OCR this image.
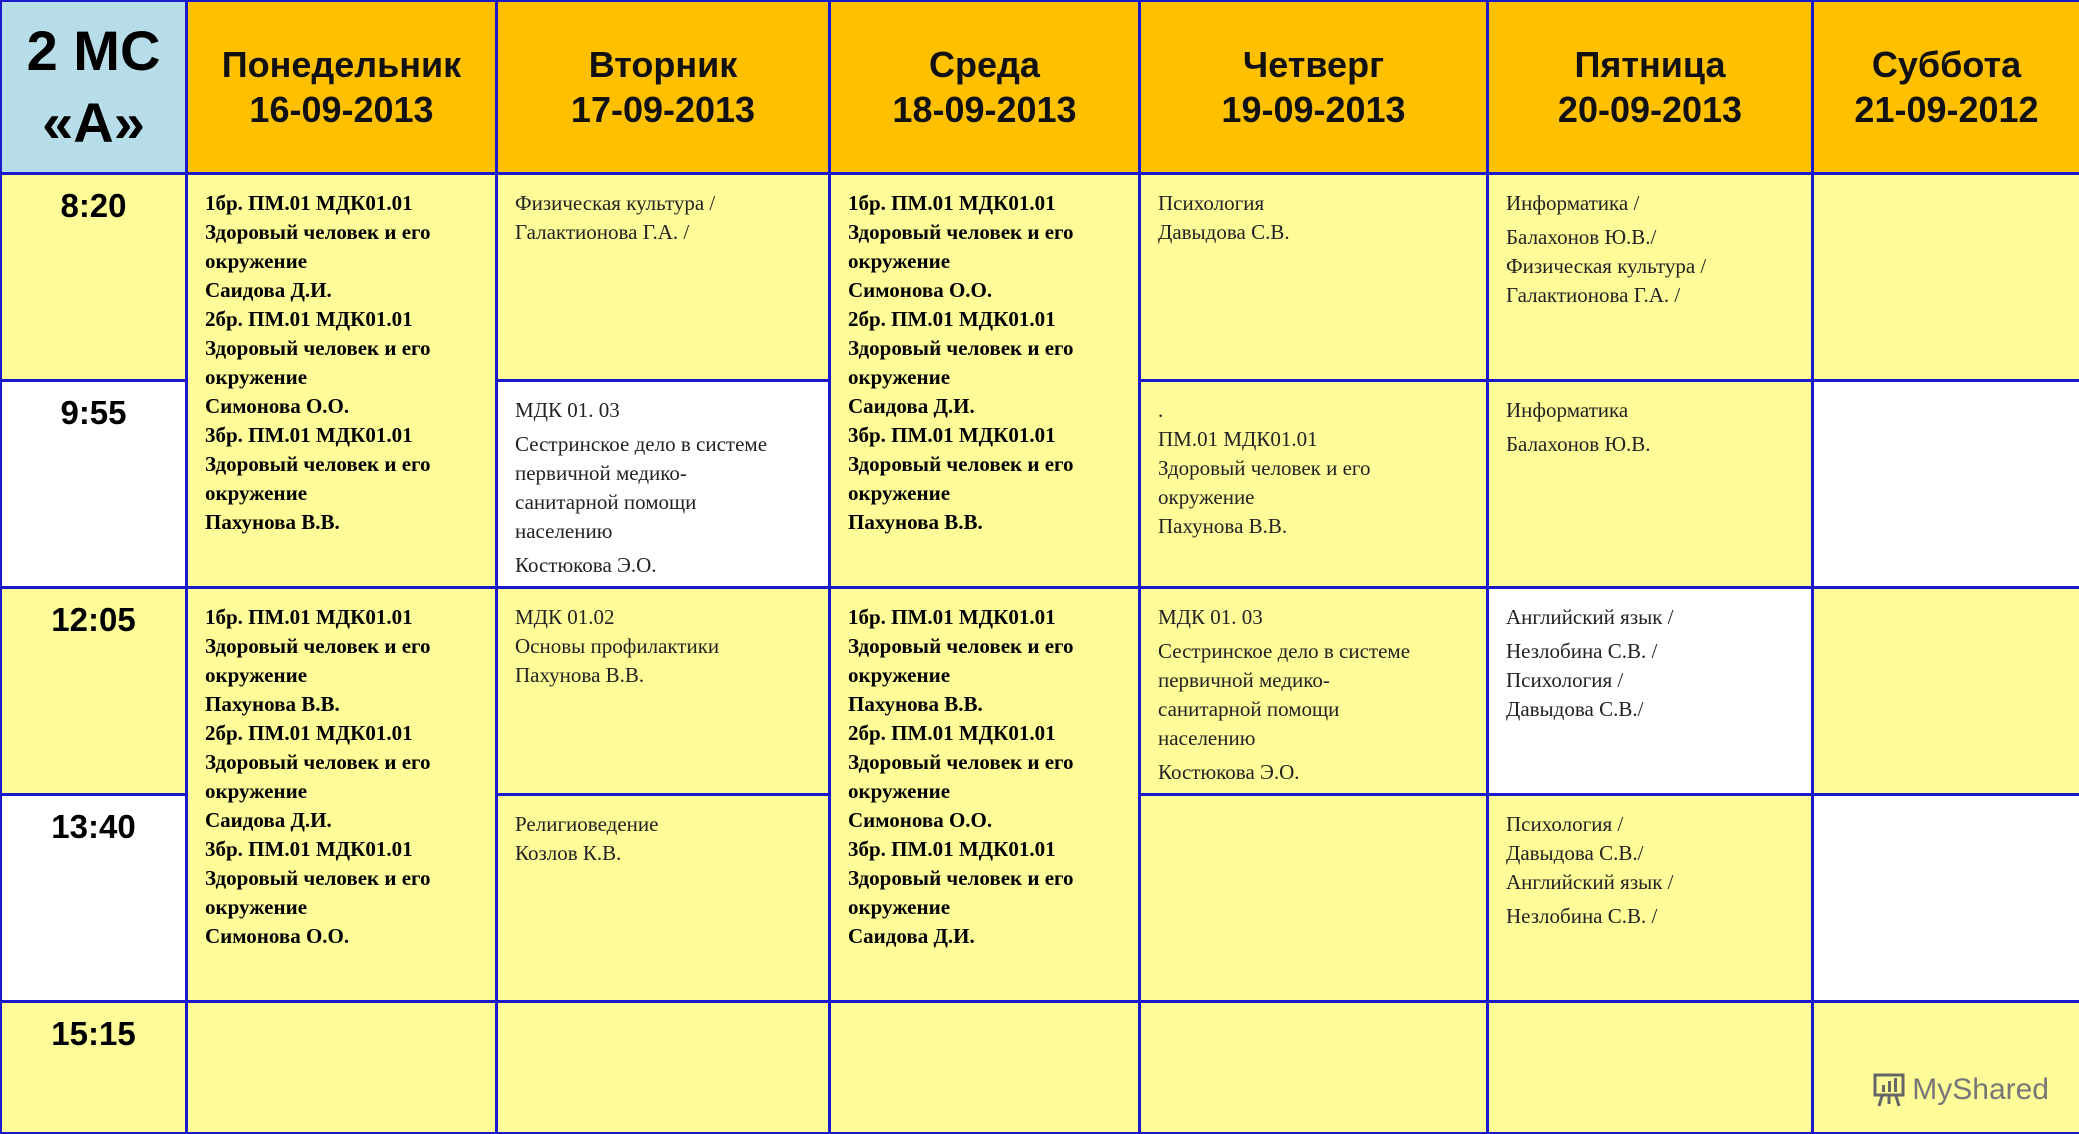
2 МС
«А»
Понедельник
16-09-2013
Вторник
17-09-2013
Среда
18-09-2013
Четверг
19-09-2013
Пятница
20-09-2013
Суббота
21-09-2012
8:20
9:55
12:05
13:40
15:15
1бр. ПМ.01 МДК01.01
Здоровый человек и его
окружение
Саидова Д.И.
2бр. ПМ.01 МДК01.01
Здоровый человек и его
окружение
Симонова О.О.
3бр. ПМ.01 МДК01.01
Здоровый человек и его
окружение
Пахунова В.В.
1бр. ПМ.01 МДК01.01
Здоровый человек и его
окружение
Пахунова В.В.
2бр. ПМ.01 МДК01.01
Здоровый человек и его
окружение
Саидова Д.И.
3бр. ПМ.01 МДК01.01
Здоровый человек и его
окружение
Симонова О.О.
Физическая культура /
Галактионова Г.А. /
МДК 01. 03
Сестринское дело в системе
первичной медико-
санитарной помощи
населению
Костюкова Э.О.
МДК 01.02
Основы профилактики
Пахунова В.В.
Религиоведение
Козлов К.В.
1бр. ПМ.01 МДК01.01
Здоровый человек и его
окружение
Симонова О.О.
2бр. ПМ.01 МДК01.01
Здоровый человек и его
окружение
Саидова Д.И.
3бр. ПМ.01 МДК01.01
Здоровый человек и его
окружение
Пахунова В.В.
1бр. ПМ.01 МДК01.01
Здоровый человек и его
окружение
Пахунова В.В.
2бр. ПМ.01 МДК01.01
Здоровый человек и его
окружение
Симонова О.О.
3бр. ПМ.01 МДК01.01
Здоровый человек и его
окружение
Саидова Д.И.
Психология
Давыдова С.В.
.
ПМ.01 МДК01.01
Здоровый человек и его
окружение
Пахунова В.В.
МДК 01. 03
Сестринское дело в системе
первичной медико-
санитарной помощи
населению
Костюкова Э.О.
Информатика /
Балахонов Ю.В./
Физическая культура /
Галактионова Г.А. /
Информатика
Балахонов Ю.В.
Английский язык /
Незлобина С.В. /
Психология /
Давыдова С.В./
Психология /
Давыдова С.В./
Английский язык /
Незлобина С.В. /
MyShared
